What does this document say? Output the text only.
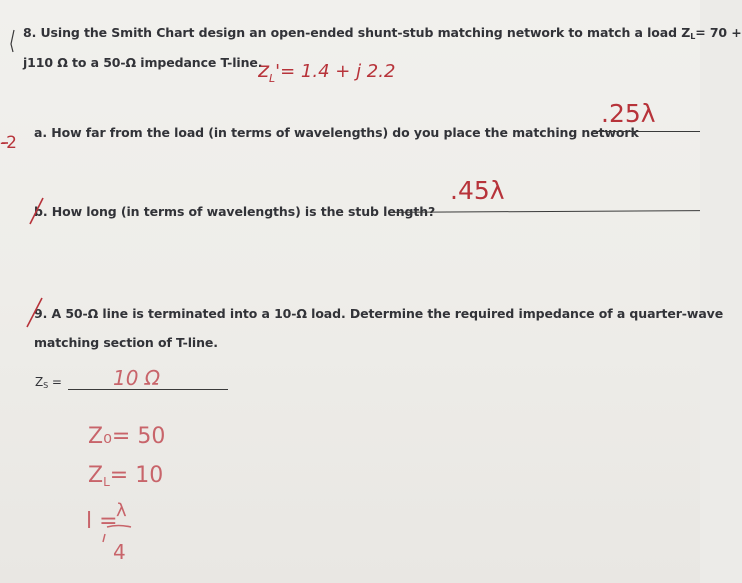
8. Using the Smith Chart design an open-ended shunt-stub matching network to match a load ZL= 70 +
j110 Ω to a 50-Ω impedance T-line.
$z_L'= 1.4 + j$ 2.2
-2
a. How far from the load (in terms of wavelengths) do you place the matching network
.25λ
b. How long (in terms of wavelengths) is the stub length?
.45λ
9. A 50-Ω line is terminated into a 10-Ω load. Determine the required impedance of a quarter-wave
matching section of T-line.
ZS =	10 Ω
Z₀= 50
ZL= 10
l =
λ
4
